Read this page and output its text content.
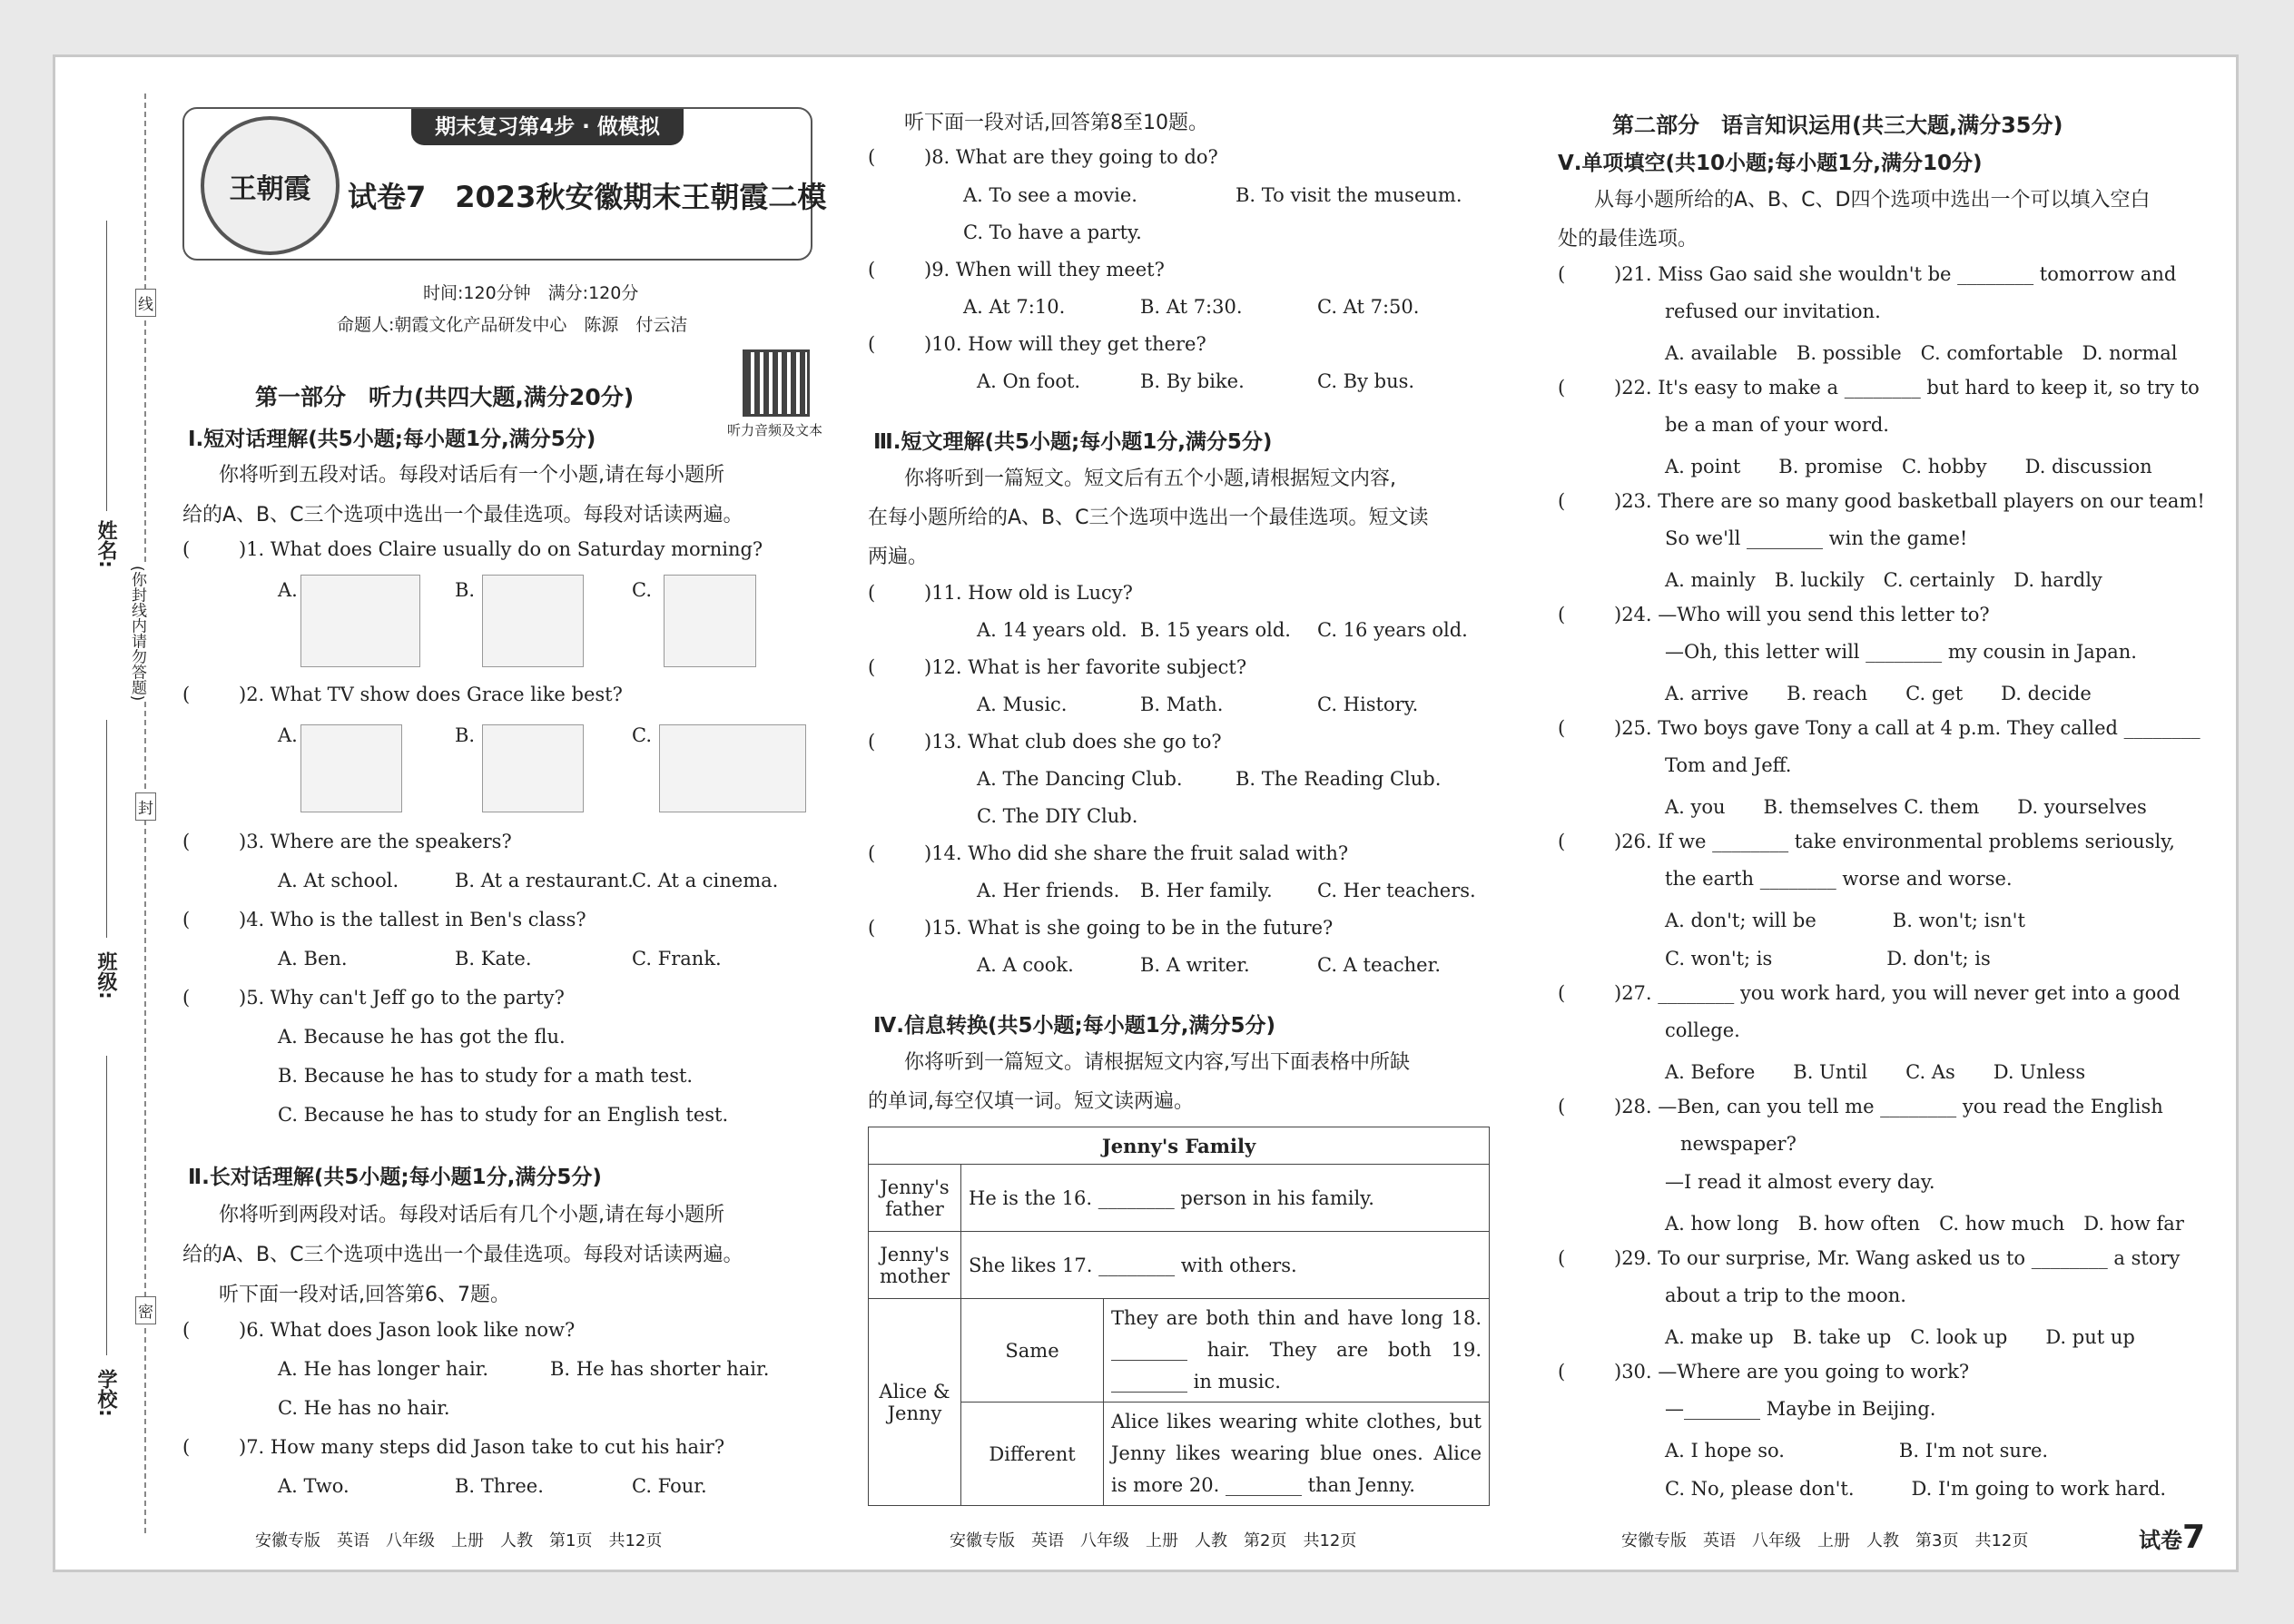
姓名:
班级:
学校:
线
封
密
(你封线内请勿答题)
王朝霞
期末复习第4步 · 做模拟
试卷7　2023秋安徽期末王朝霞二模
时间:120分钟　满分:120分
命题人:朝霞文化产品研发中心　陈源　付云洁
听力音频及文本
第一部分　听力(共四大题,满分20分)
Ⅰ.短对话理解(共5小题;每小题1分,满分5分)
你将听到五段对话。每段对话后有一个小题,请在每小题所
给的A、B、C三个选项中选出一个最佳选项。每段对话读两遍。
(	)1. What does Claire usually do on Saturday morning?
A.	B.	C.
(	)2. What TV show does Grace like best?
A.	B.	C.
(	)3. Where are the speakers?
A. At school.	B. At a restaurant.
C. At a cinema.
(	)4. Who is the tallest in Ben's class?
A. Ben.	B. Kate.	C. Frank.
(	)5. Why can't Jeff go to the party?
A. Because he has got the flu.
B. Because he has to study for a math test.
C. Because he has to study for an English test.
Ⅱ.长对话理解(共5小题;每小题1分,满分5分)
你将听到两段对话。每段对话后有几个小题,请在每小题所
给的A、B、C三个选项中选出一个最佳选项。每段对话读两遍。
听下面一段对话,回答第6、7题。
(	)6. What does Jason look like now?
A. He has longer hair.	B. He has shorter hair.
C. He has no hair.
(	)7. How many steps did Jason take to cut his hair?
A. Two.	B. Three.	C. Four.
安徽专版　英语　八年级　上册　人教　第1页　共12页
听下面一段对话,回答第8至10题。
(	)8. What are they going to do?
A. To see a movie.	B. To visit the museum.
C. To have a party.
(	)9. When will they meet?
A. At 7:10.	B. At 7:30.	C. At 7:50.
(	)10. How will they get there?
A. On foot.	B. By bike.	C. By bus.
Ⅲ.短文理解(共5小题;每小题1分,满分5分)
你将听到一篇短文。短文后有五个小题,请根据短文内容,
在每小题所给的A、B、C三个选项中选出一个最佳选项。短文读
两遍。
(	)11. How old is Lucy?
A. 14 years old. B. 15 years old. C. 16 years old.
(	)12. What is her favorite subject?
A. Music.	B. Math.	C. History.
(	)13. What club does she go to?
A. The Dancing Club.	B. The Reading Club.
C. The DIY Club.
(	)14. Who did she share the fruit salad with?
A. Her friends. B. Her family. C. Her teachers.
(	)15. What is she going to be in the future?
A. A cook.	B. A writer.	C. A teacher.
Ⅳ.信息转换(共5小题;每小题1分,满分5分)
你将听到一篇短文。请根据短文内容,写出下面表格中所缺
的单词,每空仅填一词。短文读两遍。
Jenny's Family		
Jenny's father	He is the 16. ________ person in his family.	
Jenny's mother	She likes 17. ________ with others.	
Alice & Jenny	Same	They are both thin and have long 18. ________ hair. They are both 19. ________ in music.
	Different	Alice likes wearing white clothes, but Jenny likes wearing blue ones. Alice is more 20. ________ than Jenny.
安徽专版　英语　八年级　上册　人教　第2页　共12页
第二部分　语言知识运用(共三大题,满分35分)
Ⅴ.单项填空(共10小题;每小题1分,满分10分)
从每小题所给的A、B、C、D四个选项中选出一个可以填入空白
处的最佳选项。
(	)21. Miss Gao said she wouldn't be ________ tomorrow and
refused our invitation.
A. available　B. possible　C. comfortable　D. normal
(	)22. It's easy to make a ________ but hard to keep it, so try to
be a man of your word.
A. point　　B. promise　C. hobby　　D. discussion
(	)23. There are so many good basketball players on our team!
So we'll ________ win the game!
A. mainly　B. luckily　C. certainly　D. hardly
(	)24. —Who will you send this letter to?
—Oh, this letter will ________ my cousin in Japan.
A. arrive　　B. reach　　C. get　　D. decide
(	)25. Two boys gave Tony a call at 4 p.m. They called ________
Tom and Jeff.
A. you　　B. themselves C. them　　D. yourselves
(	)26. If we ________ take environmental problems seriously,
the earth ________ worse and worse.
A. don't; will be　　　　B. won't; isn't
C. won't; is　　　　　　D. don't; is
(	)27. ________ you work hard, you will never get into a good
college.
A. Before　　B. Until　　C. As　　D. Unless
(	)28. —Ben, can you tell me ________ you read the English
newspaper?
—I read it almost every day.
A. how long　B. how often　C. how much　D. how far
(	)29. To our surprise, Mr. Wang asked us to ________ a story
about a trip to the moon.
A. make up　B. take up　C. look up　　D. put up
(	)30. —Where are you going to work?
—________ Maybe in Beijing.
A. I hope so.　　　　　　B. I'm not sure.
C. No, please don't.　　　D. I'm going to work hard.
安徽专版　英语　八年级　上册　人教　第3页　共12页	试卷7
